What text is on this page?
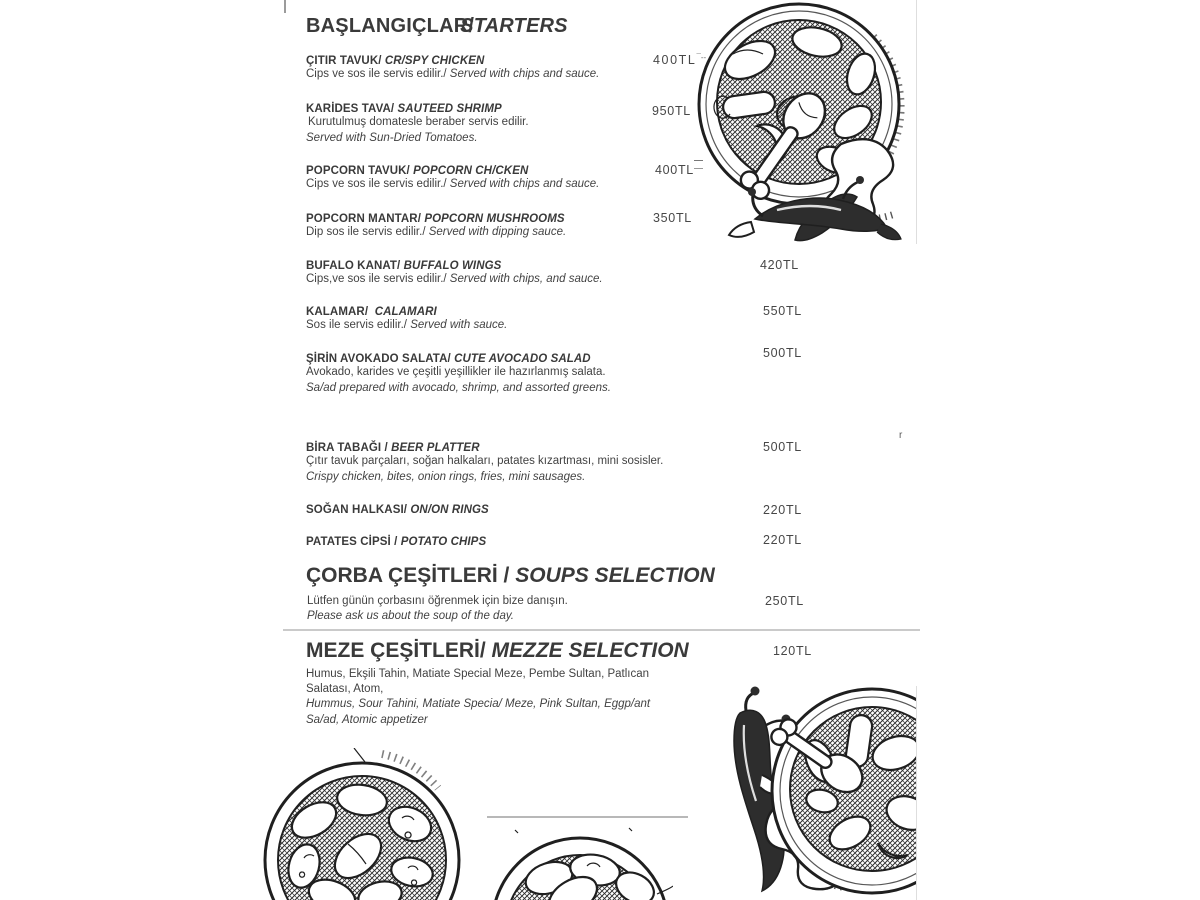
BAŞLANGIÇLAR/STARTERS
ÇITIR TAVUK/ CR/SPY CHICKEN
Cips ve sos ile servis edilir./ Served with chips and sauce.
400TL¯--
KARİDES TAVA/ SAUTEED SHRIMP
Kurutulmuş domatesle beraber servis edilir.
Served with Sun-Dried Tomatoes.
950TL
POPCORN TAVUK/ POPCORN CH/CKEN
Cips ve sos ile servis edilir./ Served with chips and sauce.
400TL
POPCORN MANTAR/ POPCORN MUSHROOMS
Dip sos ile servis edilir./ Served with dipping sauce.
350TL
BUFALO KANAT/ BUFFALO WINGS
Cips,ve sos ile servis edilir./ Served with chips, and sauce.
420TL
KALAMAR/  CALAMARI
Sos ile servis edilir./ Served with sauce.
550TL
ŞİRİN AVOKADO SALATA/ CUTE AVOCADO SALAD
Avokado, karides ve çeşitli yeşillikler ile hazırlanmış salata.
Sa/ad prepared with avocado, shrimp, and assorted greens.
500TL
BİRA TABAĞI / BEER PLATTER
Çıtır tavuk parçaları, soğan halkaları, patates kızartması, mini sosisler.
Crispy chicken, bites, onion rings, fries, mini sausages.
500TL
SOĞAN HALKASI/ ON/ON RINGS	220TL
PATATES CİPSİ / POTATO CHIPS	220TL
ÇORBA ÇEŞİTLERİ / SOUPS SELECTION
Lütfen günün çorbasını öğrenmek için bize danışın.
Please ask us about the soup of the day.
250TL
MEZE ÇEŞİTLERİ/ MEZZE SELECTION
Humus, Ekşili Tahin, Matiate Special Meze, Pembe Sultan, Patlıcan
Salatası, Atom,
Hummus, Sour Tahini, Matiate Specia/ Meze, Pink Sultan, Eggp/ant
Sa/ad, Atomic appetizer
120TL
r
